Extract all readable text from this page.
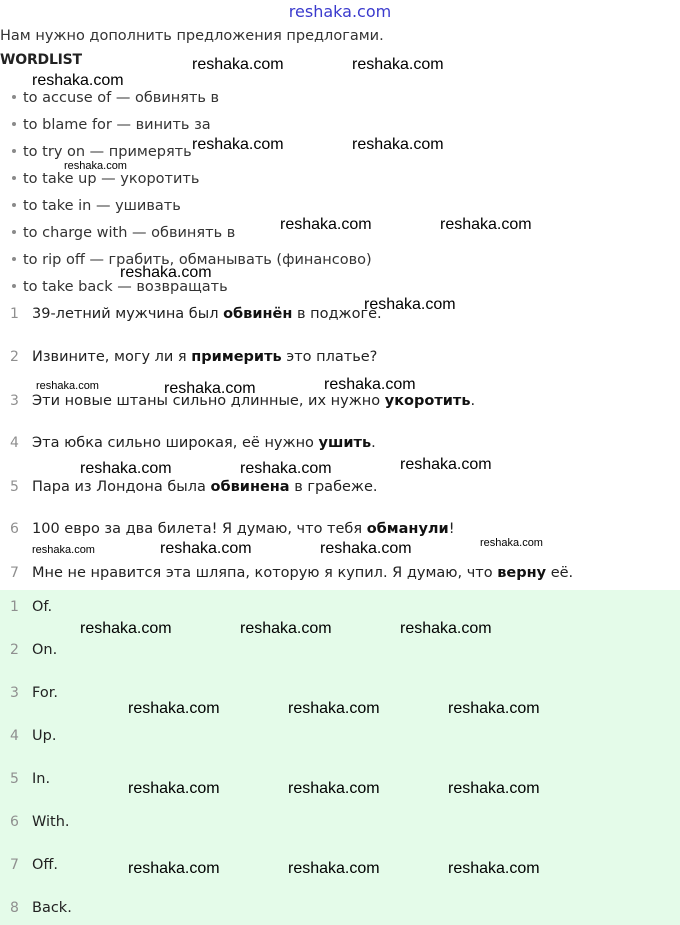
reshaka.com
Нам нужно дополнить предложения предлогами.
WORDLIST
to accuse of — обвинять в
to blame for — винить за
to try on — примерять
to take up — укоротить
to take in — ушивать
to charge with — обвинять в
to rip off — грабить, обманывать (финансово)
to take back — возвращать
1 39-летний мужчина был обвинён в поджоге.
2 Извините, могу ли я примерить это платье?
3 Эти новые штаны сильно длинные, их нужно укоротить.
4 Эта юбка сильно широкая, её нужно ушить.
5 Пара из Лондона была обвинена в грабеже.
6 100 евро за два билета! Я думаю, что тебя обманули!
7 Мне не нравится эта шляпа, которую я купил. Я думаю, что верну её.
1 Of.
2 On.
3 For.
4 Up.
5 In.
6 With.
7 Off.
8 Back.
reshaka.com	reshaka.com
reshaka.com
reshaka.com	reshaka.com
reshaka.com
reshaka.com	reshaka.com
reshaka.com
reshaka.com
reshaka.com	reshaka.com	reshaka.com
reshaka.com	reshaka.com	reshaka.com
reshaka.com	reshaka.com	reshaka.com	reshaka.com
reshaka.com	reshaka.com	reshaka.com
reshaka.com	reshaka.com	reshaka.com
reshaka.com	reshaka.com	reshaka.com
reshaka.com	reshaka.com	reshaka.com
